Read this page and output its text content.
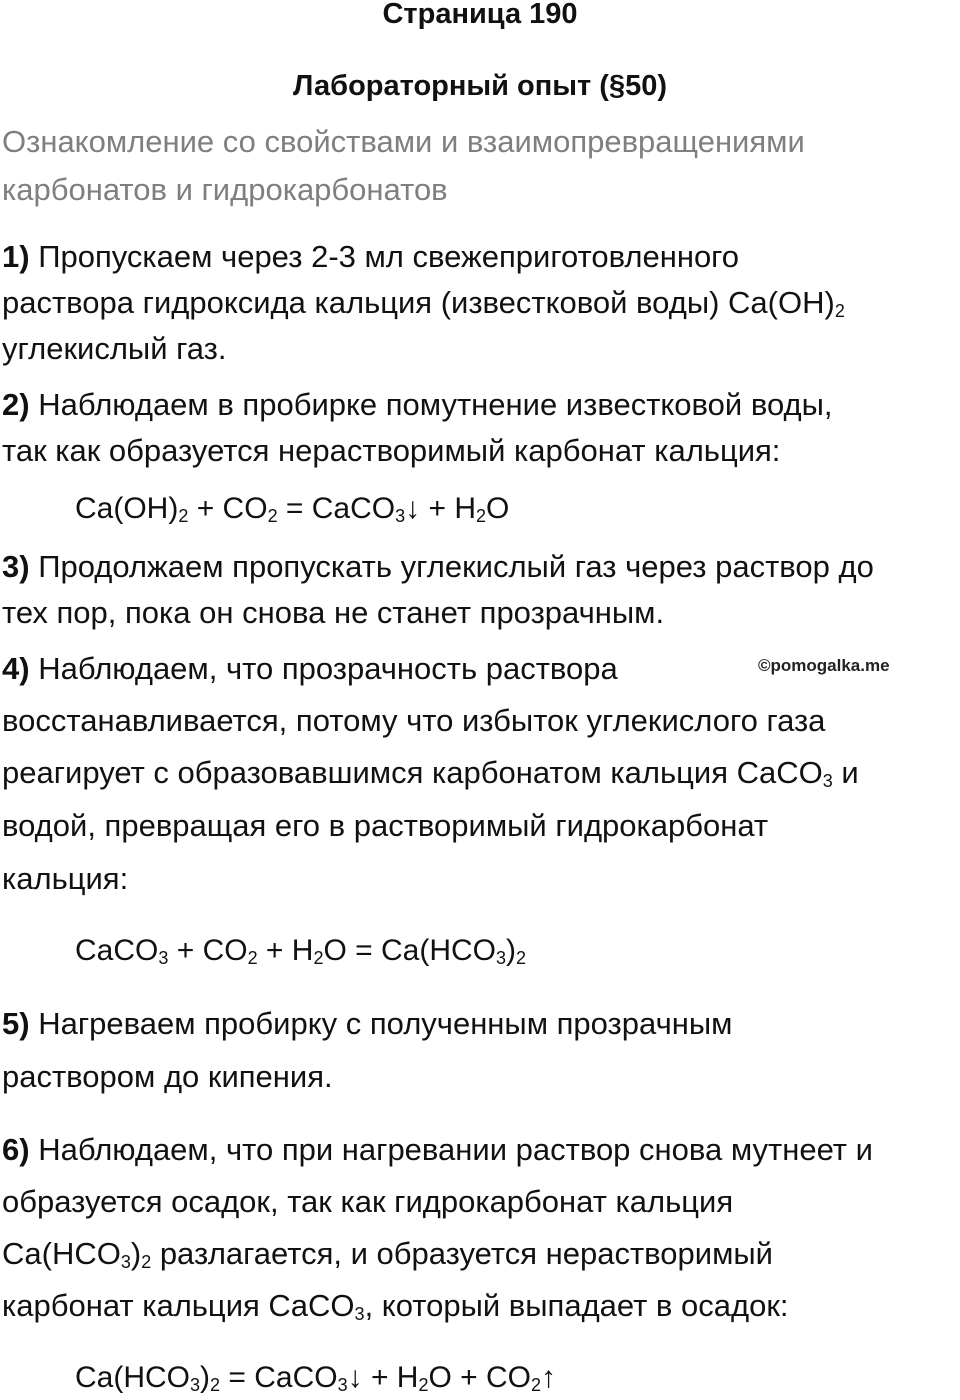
Страница 190
Лабораторный опыт (§50)
Ознакомление со свойствами и взаимопревращениями
карбонатов и гидрокарбонатов
1) Пропускаем через 2-3 мл свежеприготовленного
раствора гидроксида кальция (известковой воды) $Ca(OH)_2$
углекислый газ.
2) Наблюдаем в пробирке помутнение известковой воды,
так как образуется нерастворимый карбонат кальция:
$Ca(OH)_2 + CO_2$ = CaCO$_3$↓ + $H_2O$
3) Продолжаем пропускать углекислый газ через раствор до
тех пор, пока он снова не станет прозрачным.
4) Наблюдаем, что прозрачность раствора	©pomogalka.me
восстанавливается, потому что избыток углекислого газа
реагирует с образовавшимся карбонатом кальция CaCO$_3$ и
водой, превращая его в растворимый гидрокарбонат
кальция:
CaCO$_3$ + $CO_2 + H_2O = Ca(HCO_3)_2$
5) Нагреваем пробирку с полученным прозрачным
раствором до кипения.
6) Наблюдаем, что при нагревании раствор снова мутнеет и
образуется осадок, так как гидрокарбонат кальция
$Ca(HCO_3)_2$ разлагается, и образуется нерастворимый
карбонат кальция CaCO$_3$, который выпадает в осадок:
$Ca(HCO_3)_2$ = CaCO$_3$↓ + $H_2O$ + $CO_2↑$
